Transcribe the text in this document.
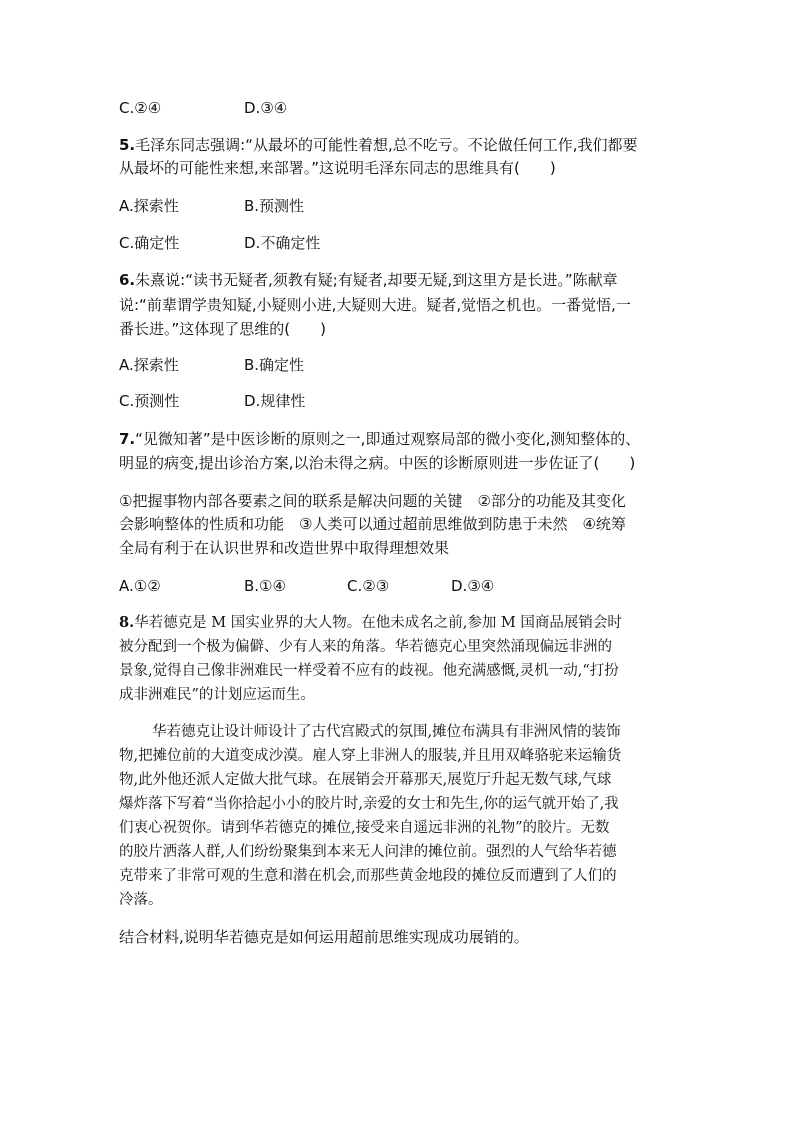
C.②④	D.③④
5.毛泽东同志强调:“从最坏的可能性着想,总不吃亏。不论做任何工作,我们都要
从最坏的可能性来想,来部署。”这说明毛泽东同志的思维具有(　　)
A.探索性	B.预测性
C.确定性	D.不确定性
6.朱熹说:“读书无疑者,须教有疑;有疑者,却要无疑,到这里方是长进。”陈献章
说:“前辈谓学贵知疑,小疑则小进,大疑则大进。疑者,觉悟之机也。一番觉悟,一
番长进。”这体现了思维的(　　)
A.探索性	B.确定性
C.预测性	D.规律性
7.“见微知著”是中医诊断的原则之一,即通过观察局部的微小变化,测知整体的、
明显的病变,提出诊治方案,以治未得之病。中医的诊断原则进一步佐证了(　　)
①把握事物内部各要素之间的联系是解决问题的关键　②部分的功能及其变化
会影响整体的性质和功能　③人类可以通过超前思维做到防患于未然　④统筹
全局有利于在认识世界和改造世界中取得理想效果
A.①②	B.①④	C.②③	D.③④
8.华若德克是 M 国实业界的大人物。在他未成名之前,参加 M 国商品展销会时
被分配到一个极为偏僻、少有人来的角落。华若德克心里突然涌现偏远非洲的
景象,觉得自己像非洲难民一样受着不应有的歧视。他充满感慨,灵机一动,“打扮
成非洲难民”的计划应运而生。
华若德克让设计师设计了古代宫殿式的氛围,摊位布满具有非洲风情的装饰
物,把摊位前的大道变成沙漠。雇人穿上非洲人的服装,并且用双峰骆驼来运输货
物,此外他还派人定做大批气球。在展销会开幕那天,展览厅升起无数气球,气球
爆炸落下写着“当你拾起小小的胶片时,亲爱的女士和先生,你的运气就开始了,我
们衷心祝贺你。请到华若德克的摊位,接受来自遥远非洲的礼物”的胶片。无数
的胶片洒落人群,人们纷纷聚集到本来无人问津的摊位前。强烈的人气给华若德
克带来了非常可观的生意和潜在机会,而那些黄金地段的摊位反而遭到了人们的
冷落。
结合材料,说明华若德克是如何运用超前思维实现成功展销的。
